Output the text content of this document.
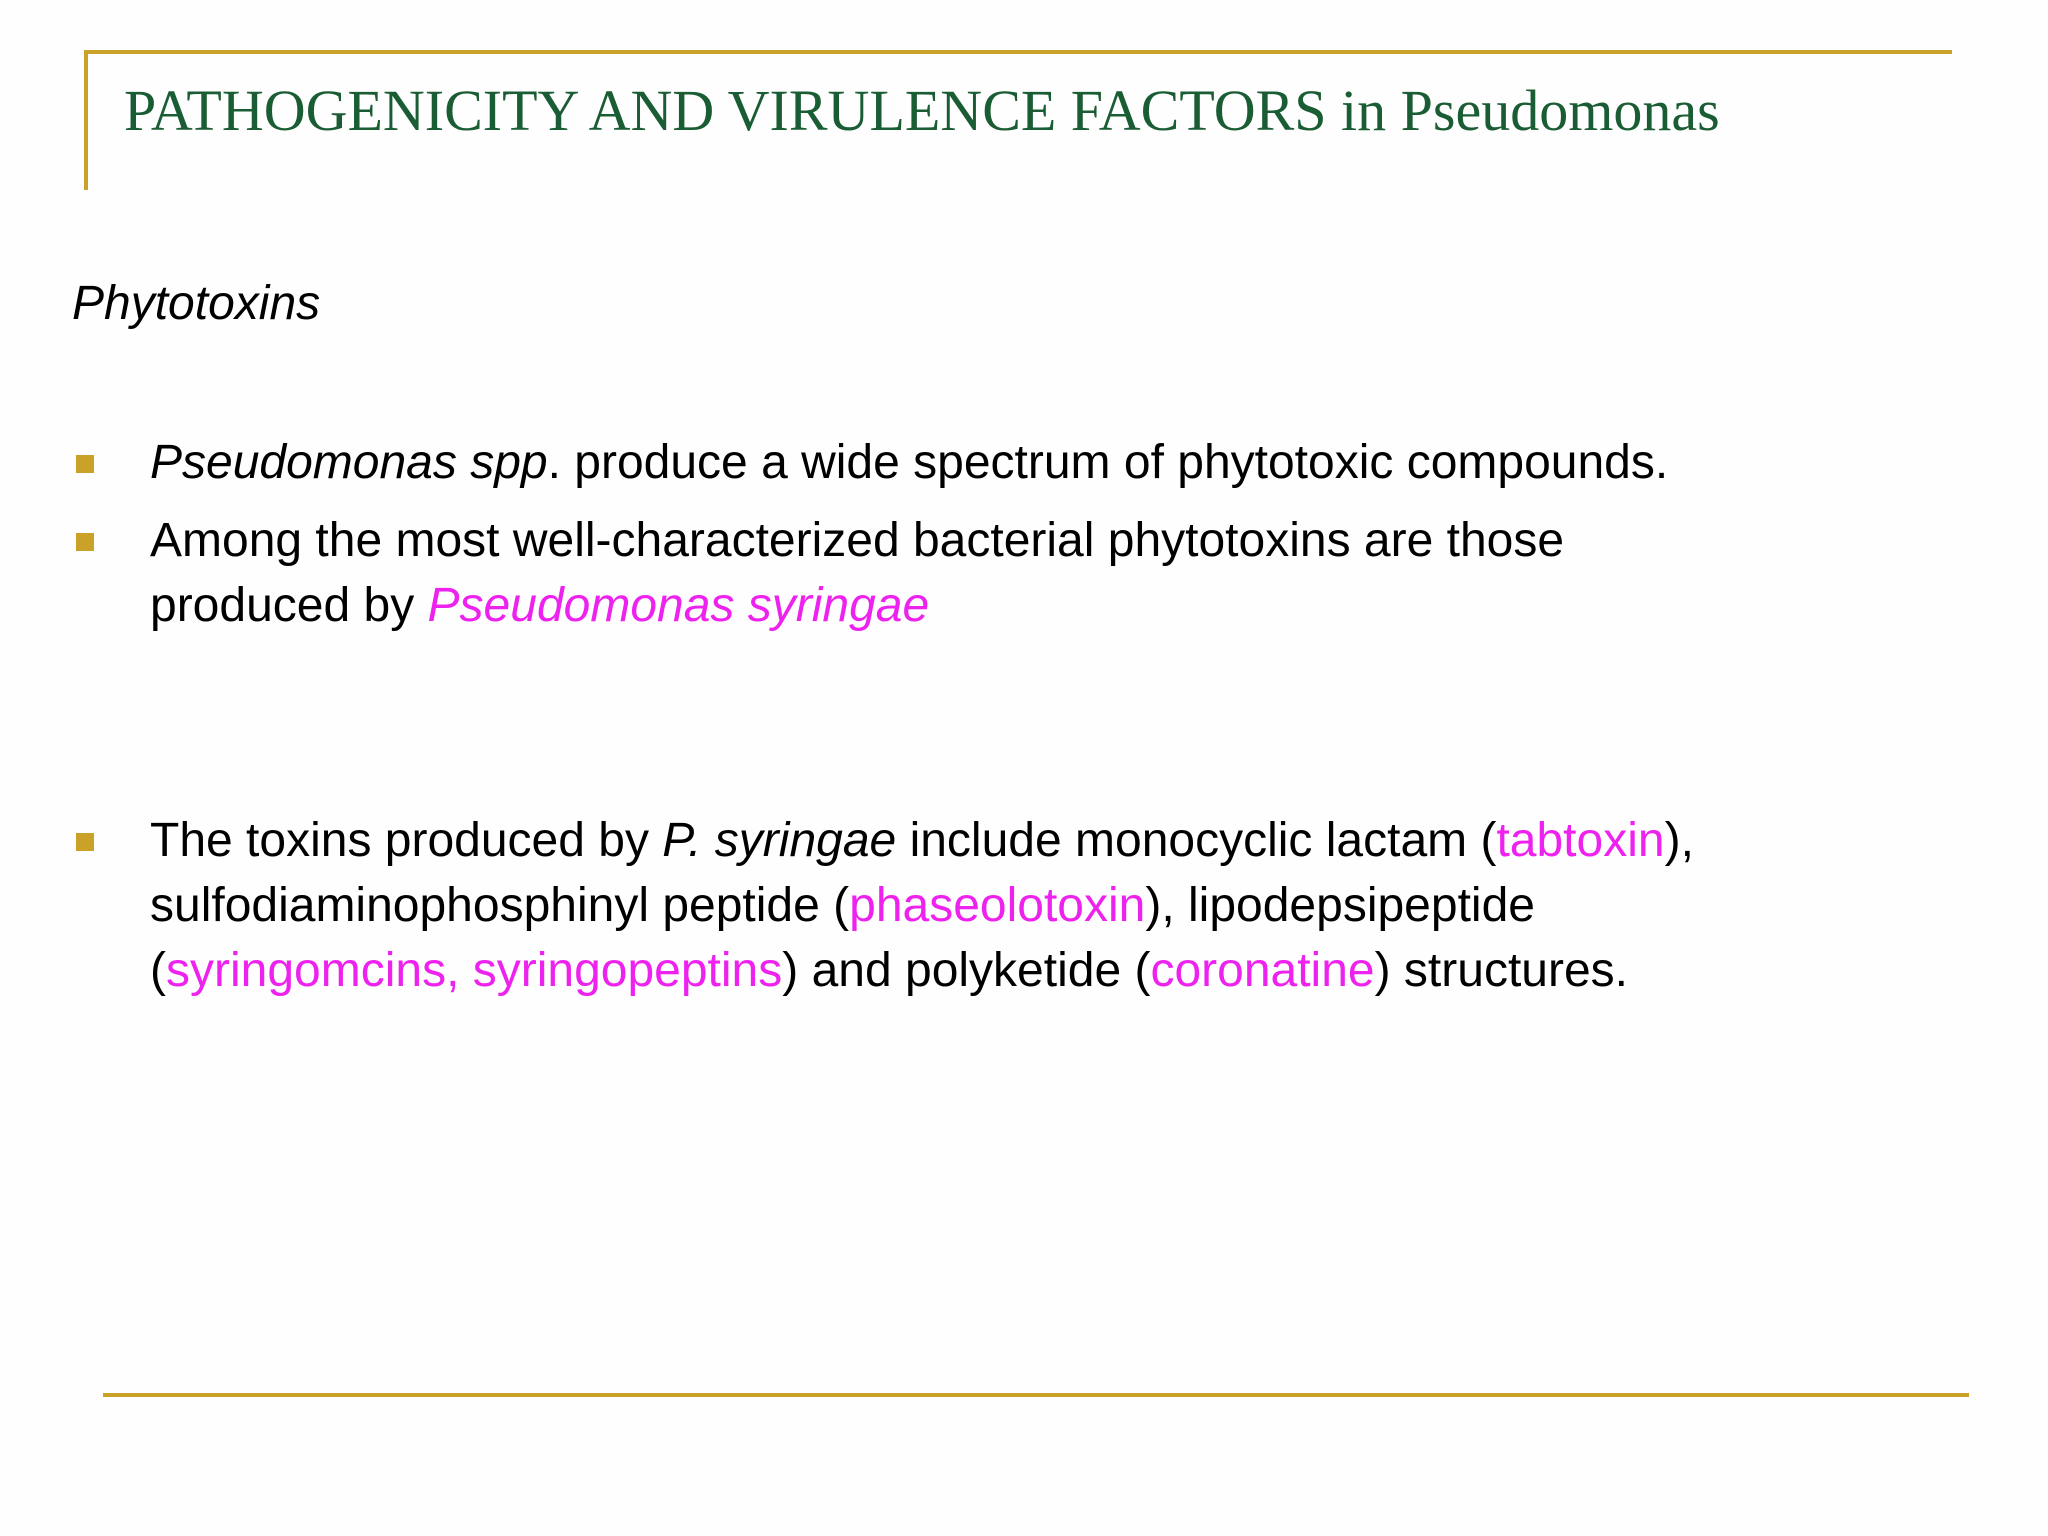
PATHOGENICITY AND VIRULENCE FACTORS in Pseudomonas
Phytotoxins
Pseudomonas spp. produce a wide spectrum of phytotoxic compounds.
Among the most well-characterized bacterial phytotoxins are those
produced by Pseudomonas syringae
The toxins produced by P. syringae include monocyclic lactam (tabtoxin),
sulfodiaminophosphinyl peptide (phaseolotoxin), lipodepsipeptide
(syringomcins, syringopeptins) and polyketide (coronatine) structures.
